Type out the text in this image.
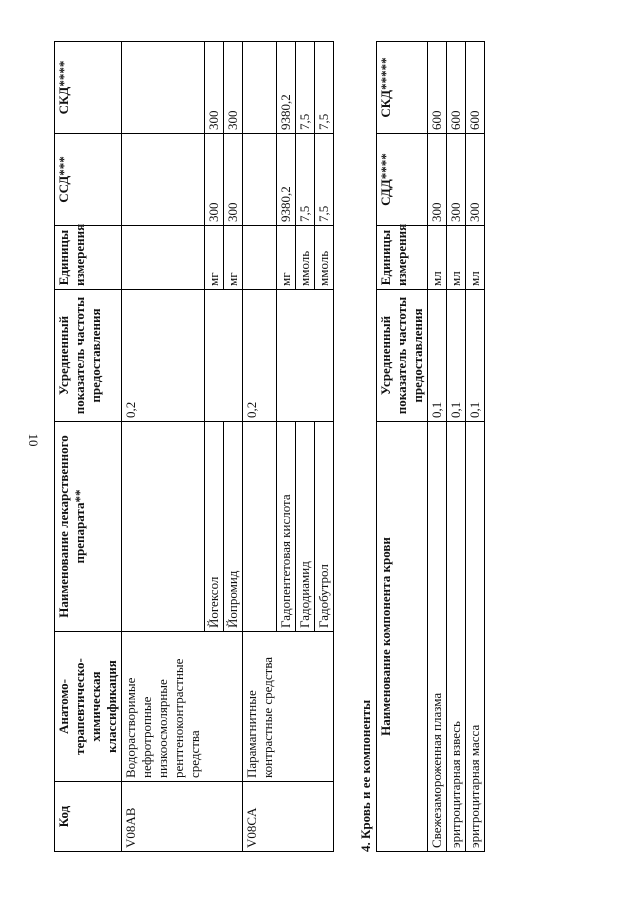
10
Код	Анатомо-терапевтическо-химическая классификация	Наименование лекарственного препарата**	Усредненный показатель частоты предоставления	Единицы измерения	ССД***	СКД****
V08AB	Водорастворимые нефротропные низкоосмолярные рентгеноконтрастные средства		0,2			
		Йогексол		мг	300	300
		Йопромид		мг	300	300
V08CA	Парамагнитные контрастные средства		0,2			
		Гадопентетовая кислота		мг	9380,2	9380,2
		Гадодиамид		ммоль	7,5	7,5
		Гадобутрол		ммоль	7,5	7,5
4. Кровь и ее компоненты
Наименование компонента крови	Усредненный показатель частоты предоставления	Единицы измерения	СДД****	СКД*****
Свежезамороженная плазма	0,1	мл	300	600
эритроцитарная взвесь	0,1	мл	300	600
эритроцитарная масса	0,1	мл	300	600
